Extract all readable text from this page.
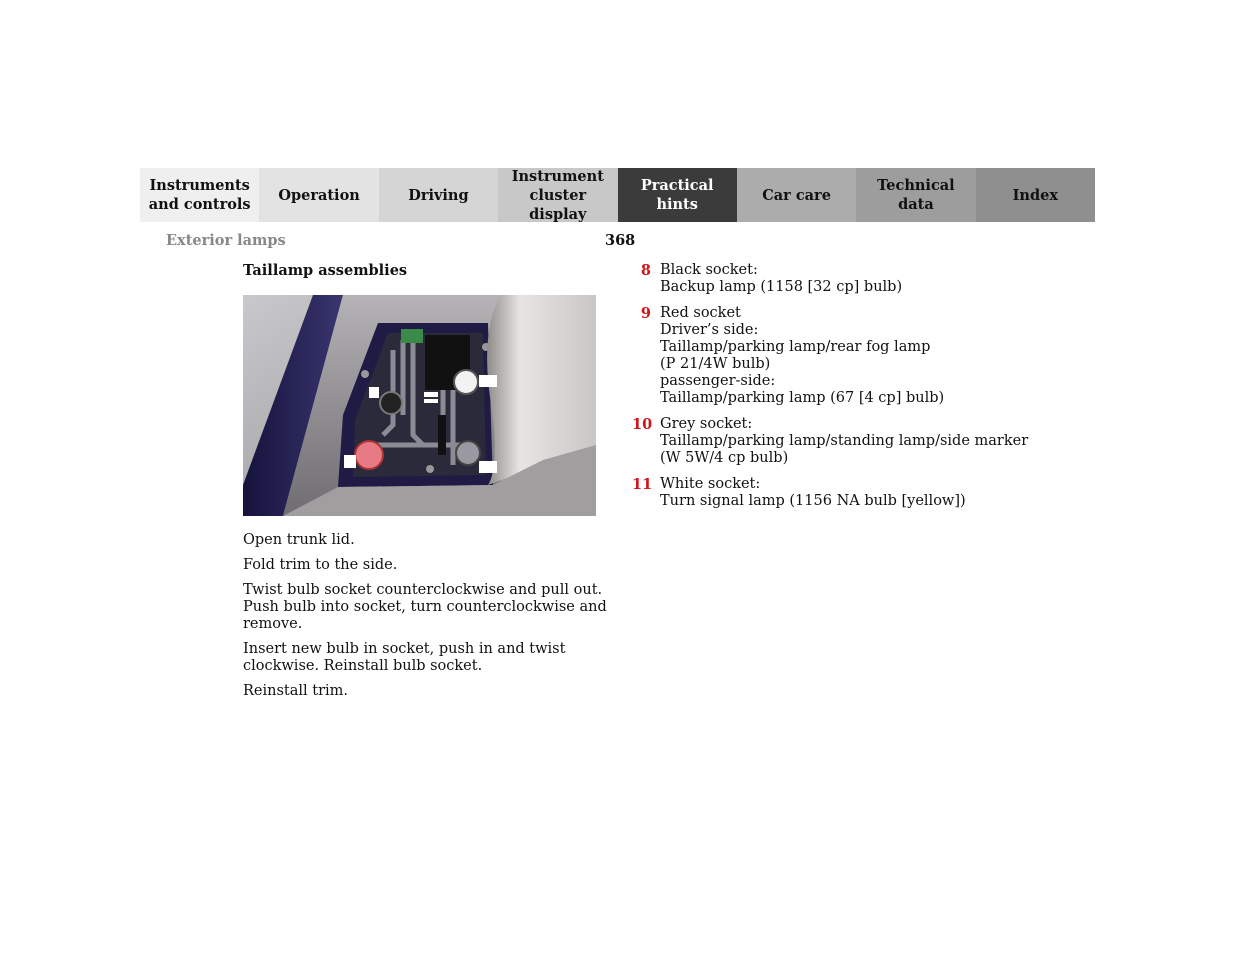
Instruments
and controls
Operation	Driving
Instrument
cluster display
Practical hints
Car care
Technical
data
Index
Exterior lamps	368
Taillamp assemblies

Open trunk lid.

Fold trim to the side.

Twist bulb socket counterclockwise and pull out. Push bulb into socket, turn counterclockwise and remove.

Insert new bulb in socket, push in and twist clockwise. Reinstall bulb socket.

Reinstall trim.

8 Black socket:
Backup lamp (1158 [32 cp] bulb)
9 Red socket
Driver’s side:
Taillamp/parking lamp/rear fog lamp
(P 21/4W bulb)
passenger-side:
Taillamp/parking lamp (67 [4 cp] bulb)
10 Grey socket:
Taillamp/parking lamp/standing lamp/side marker
(W 5W/4 cp bulb)
11 White socket:
Turn signal lamp (1156 NA bulb [yellow])
